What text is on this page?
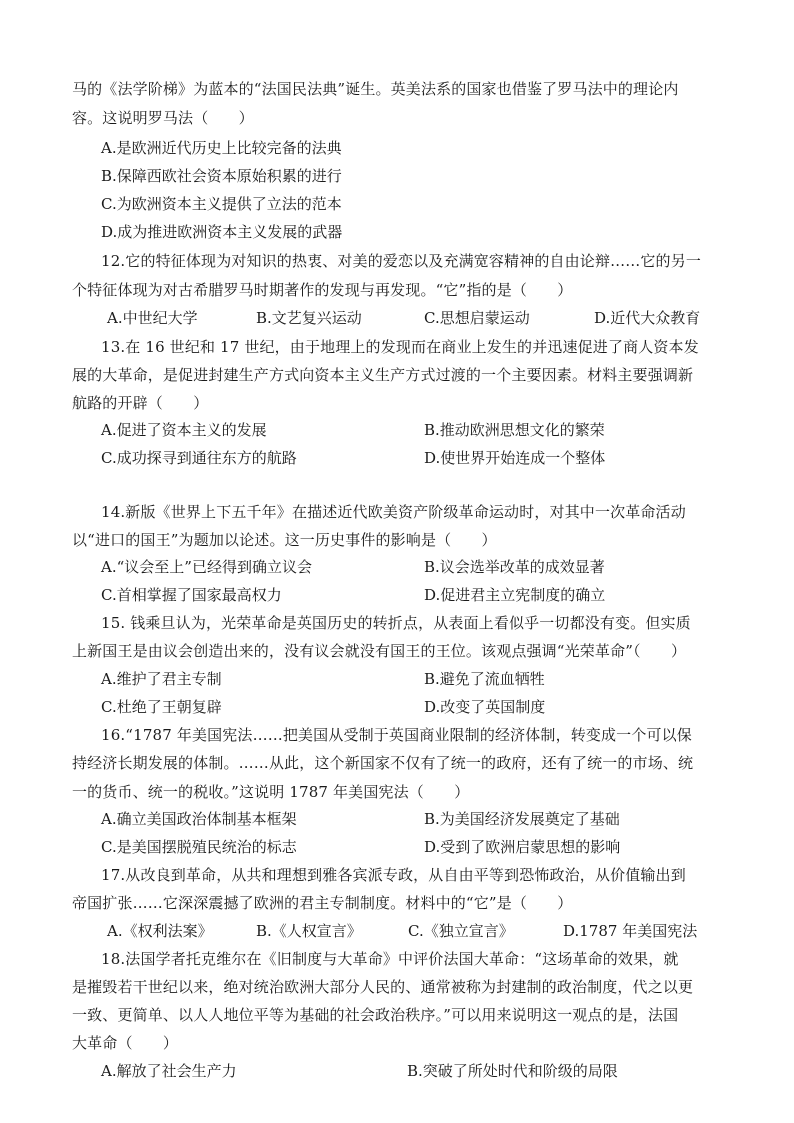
马的《法学阶梯》为蓝本的“法国民法典”诞生。英美法系的国家也借鉴了罗马法中的理论内
容。这说明罗马法（　　）
A.是欧洲近代历史上比较完备的法典
B.保障西欧社会资本原始积累的进行
C.为欧洲资本主义提供了立法的范本
D.成为推进欧洲资本主义发展的武器
12.它的特征体现为对知识的热衷、对美的爱恋以及充满宽容精神的自由论辩……它的另一
个特征体现为对古希腊罗马时期著作的发现与再发现。“它”指的是（　　）
A.中世纪大学	B.文艺复兴运动	C.思想启蒙运动	D.近代大众教育
13.在 16 世纪和 17 世纪，由于地理上的发现而在商业上发生的并迅速促进了商人资本发
展的大革命，是促进封建生产方式向资本主义生产方式过渡的一个主要因素。材料主要强调新
航路的开辟（　　）
A.促进了资本主义的发展	B.推动欧洲思想文化的繁荣
C.成功探寻到通往东方的航路	D.使世界开始连成一个整体
14.新版《世界上下五千年》在描述近代欧美资产阶级革命运动时，对其中一次革命活动
以“进口的国王”为题加以论述。这一历史事件的影响是（　　）
A.“议会至上”已经得到确立议会	B.议会选举改革的成效显著
C.首相掌握了国家最高权力	D.促进君主立宪制度的确立
15. 钱乘旦认为，光荣革命是英国历史的转折点，从表面上看似乎一切都没有变。但实质
上新国王是由议会创造出来的，没有议会就没有国王的王位。该观点强调“光荣革命”（　　）
A.维护了君主专制	B.避免了流血牺牲
C.杜绝了王朝复辟	D.改变了英国制度
16.“1787 年美国宪法……把美国从受制于英国商业限制的经济体制，转变成一个可以保
持经济长期发展的体制。……从此，这个新国家不仅有了统一的政府，还有了统一的市场、统
一的货币、统一的税收。”这说明 1787 年美国宪法（　　）
A.确立美国政治体制基本框架	B.为美国经济发展奠定了基础
C.是美国摆脱殖民统治的标志	D.受到了欧洲启蒙思想的影响
17.从改良到革命，从共和理想到雅各宾派专政，从自由平等到恐怖政治，从价值输出到
帝国扩张……它深深震撼了欧洲的君主专制制度。材料中的“它”是（　　）
A.《权利法案》	B.《人权宣言》	C.《独立宣言》	D.1787 年美国宪法
18.法国学者托克维尔在《旧制度与大革命》中评价法国大革命：“这场革命的效果，就
是摧毁若干世纪以来，绝对统治欧洲大部分人民的、通常被称为封建制的政治制度，代之以更
一致、更简单、以人人地位平等为基础的社会政治秩序。”可以用来说明这一观点的是，法国
大革命（　　）
A.解放了社会生产力	B.突破了所处时代和阶级的局限
